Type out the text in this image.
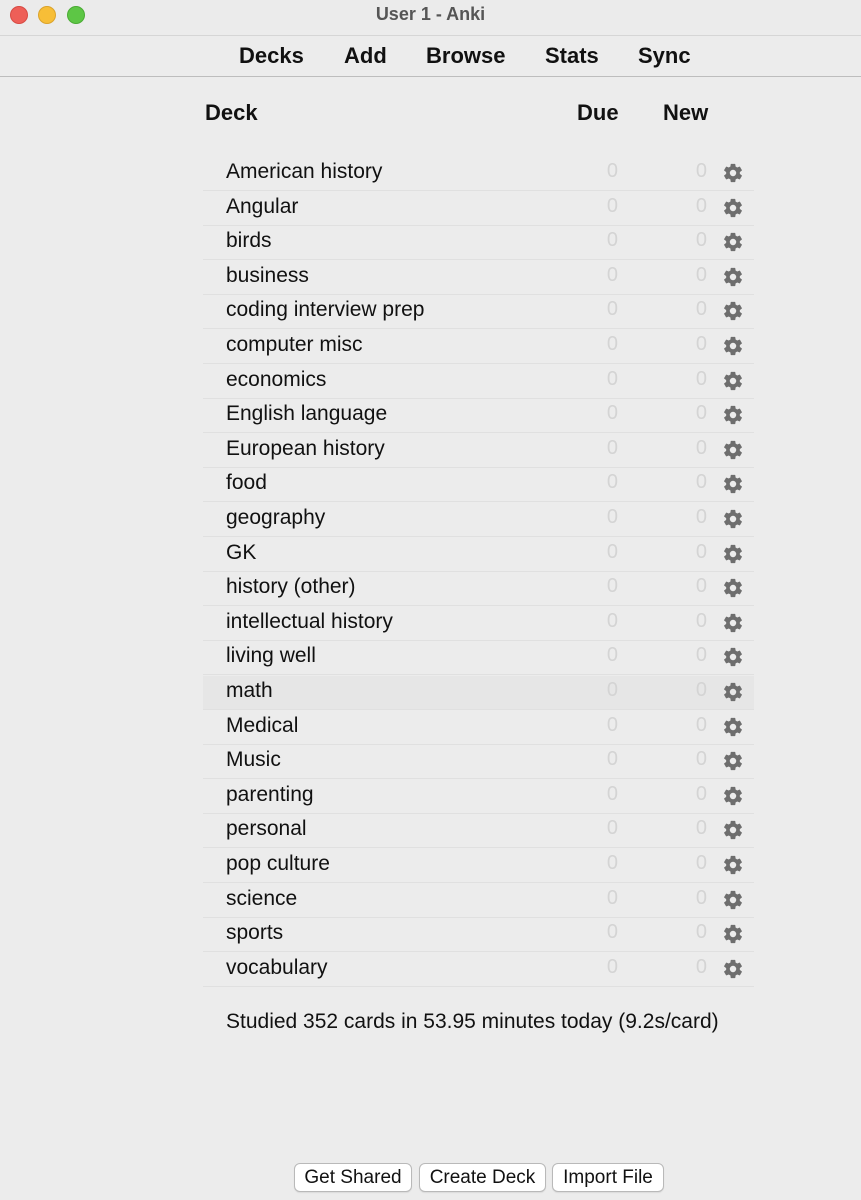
User 1 - Anki
Decks Add Browse Stats Sync
Deck	Due New
American history	0	0
Angular	0	0
birds	0	0
business	0	0
coding interview prep	0	0
computer misc	0	0
economics	0	0
English language	0	0
European history	0	0
food	0	0
geography	0	0
GK	0	0
history (other)	0	0
intellectual history	0	0
living well	0	0
math	0	0
Medical	0	0
Music	0	0
parenting	0	0
personal	0	0
pop culture	0	0
science	0	0
sports	0	0
vocabulary	0	0
Studied 352 cards in 53.95 minutes today (9.2s/card)
Get Shared	Create Deck	Import File
